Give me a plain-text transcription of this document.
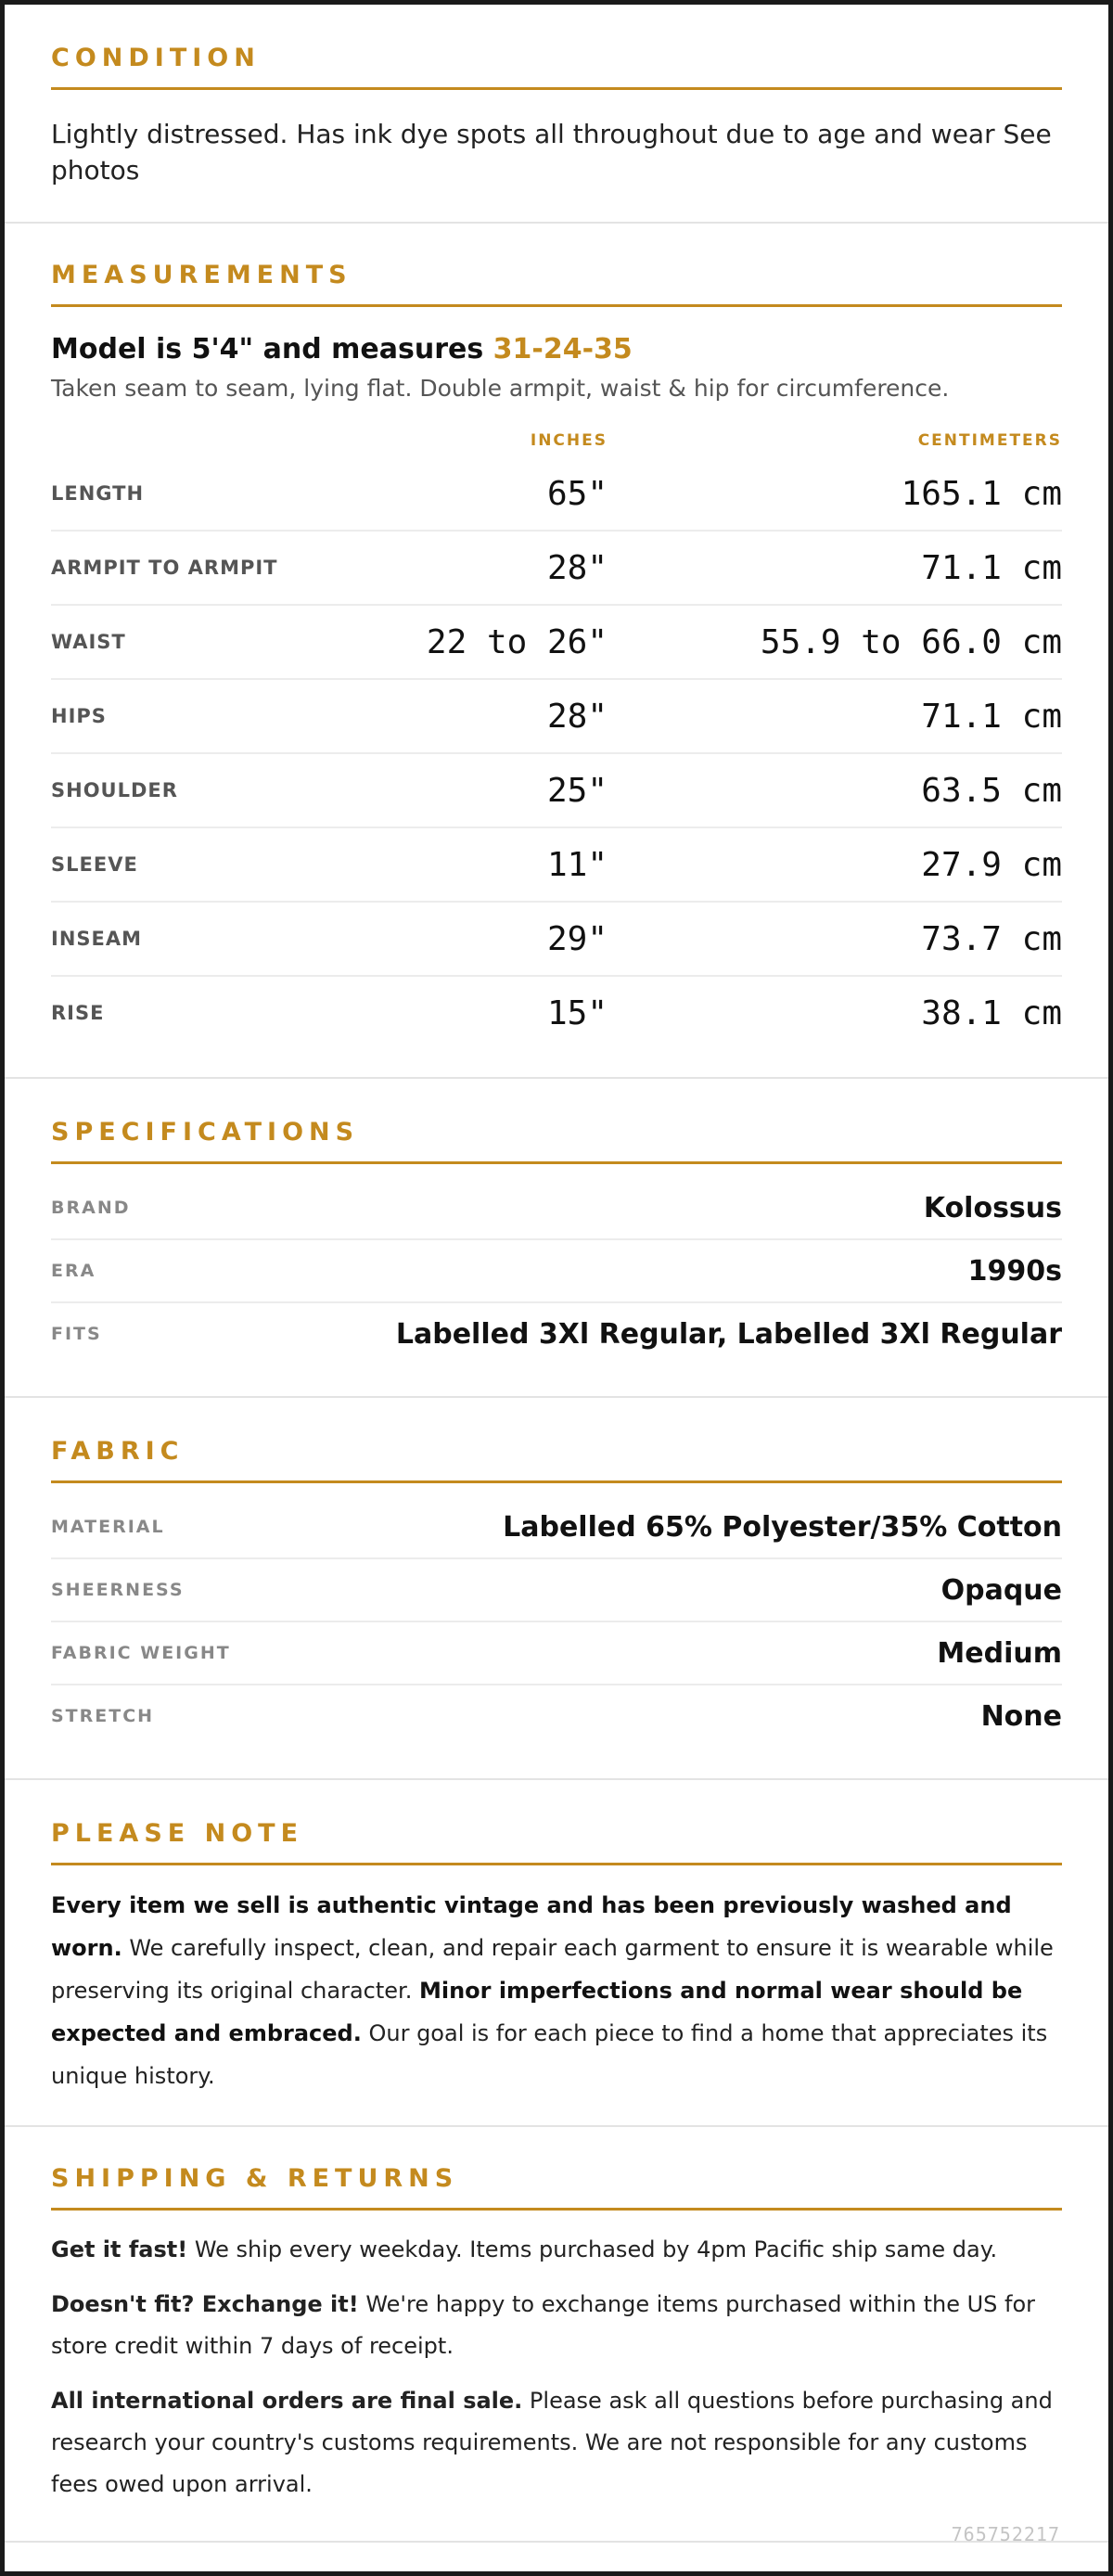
CONDITION
Lightly distressed. Has ink dye spots all throughout due to age and wear See photos
MEASUREMENTS
Model is 5'4" and measures 31-24-35
Taken seam to seam, lying flat. Double armpit, waist & hip for circumference.
INCHES	CENTIMETERS
LENGTH	65"	165.1 cm
ARMPIT TO ARMPIT	28"	71.1 cm
WAIST	22 to 26"	55.9 to 66.0 cm
HIPS	28"	71.1 cm
SHOULDER	25"	63.5 cm
SLEEVE	11"	27.9 cm
INSEAM	29"	73.7 cm
RISE	15"	38.1 cm
SPECIFICATIONS
BRAND	Kolossus
ERA	1990s
FITS	Labelled 3Xl Regular, Labelled 3Xl Regular
FABRIC
MATERIAL	Labelled 65% Polyester/35% Cotton
SHEERNESS	Opaque
FABRIC WEIGHT	Medium
STRETCH	None
PLEASE NOTE
Every item we sell is authentic vintage and has been previously washed and worn. We carefully inspect, clean, and repair each garment to ensure it is wearable while preserving its original character. Minor imperfections and normal wear should be expected and embraced. Our goal is for each piece to find a home that appreciates its unique history.
SHIPPING & RETURNS

Get it fast! We ship every weekday. Items purchased by 4pm Pacific ship same day.

Doesn't fit? Exchange it! We're happy to exchange items purchased within the US for store credit within 7 days of receipt.

All international orders are final sale. Please ask all questions before purchasing and research your country's customs requirements. We are not responsible for any customs fees owed upon arrival.

765752217
